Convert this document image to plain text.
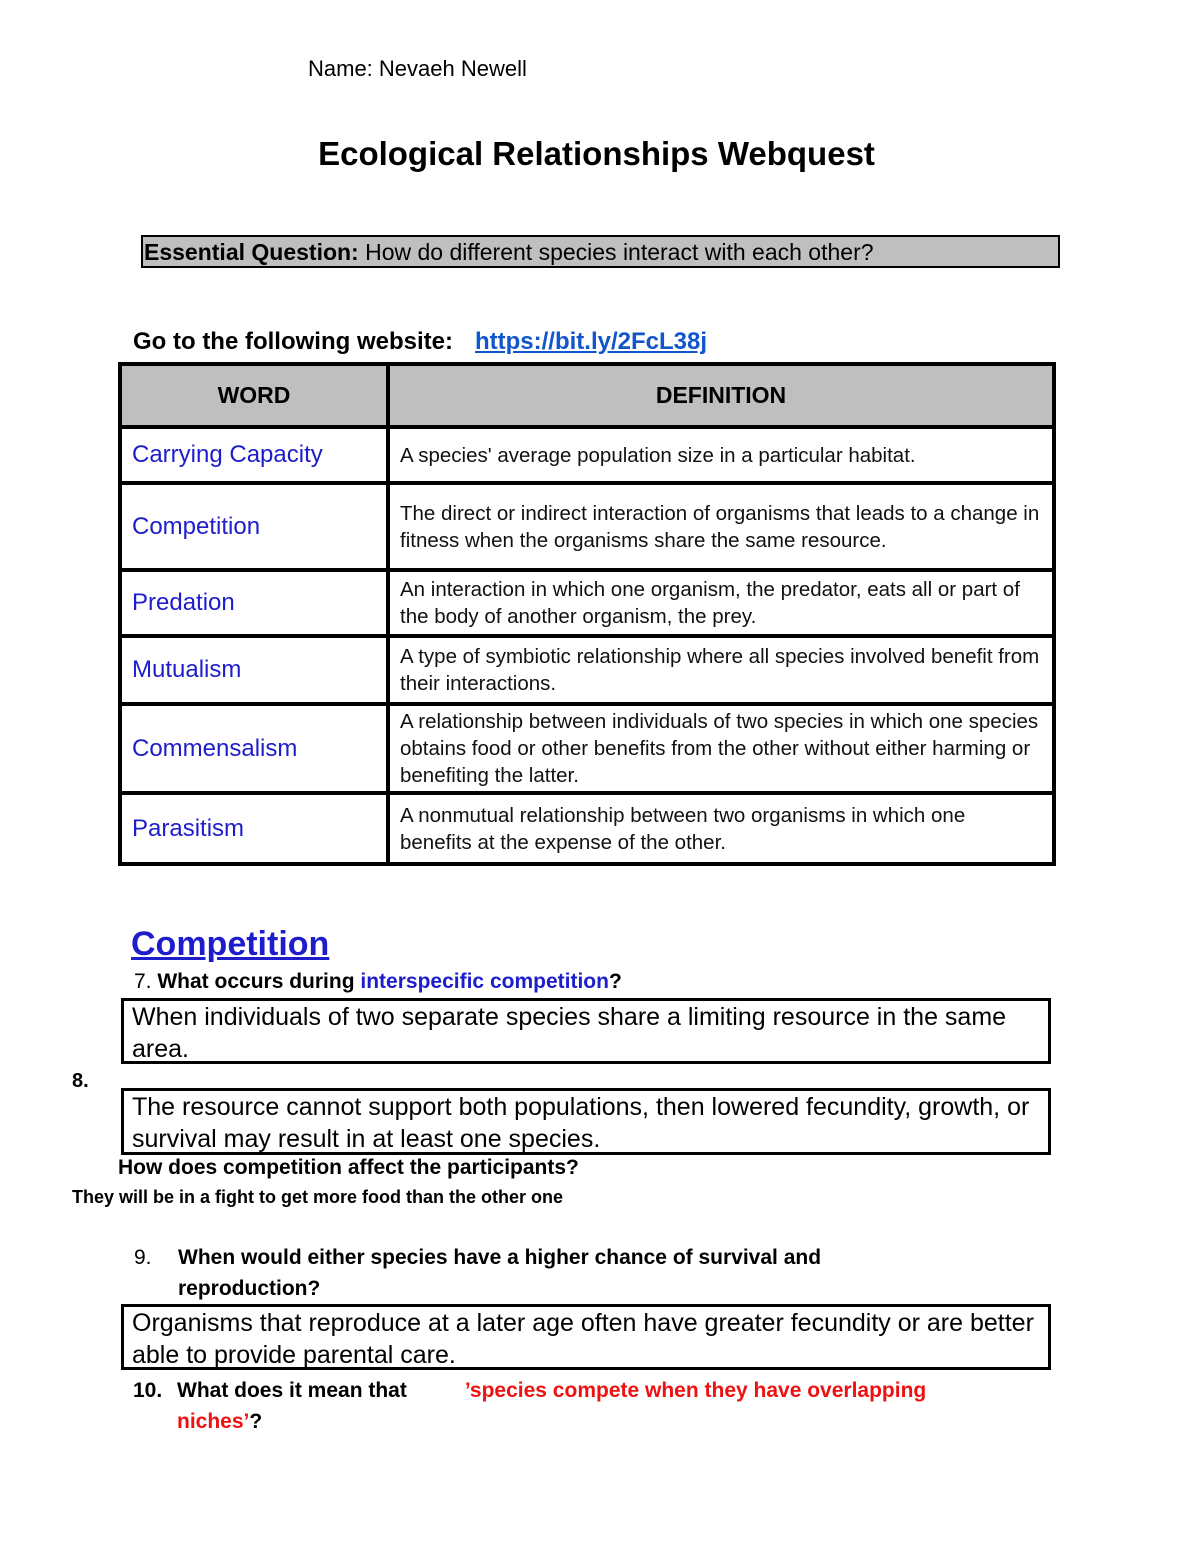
Name: Nevaeh Newell
Ecological Relationships Webquest
Essential Question: How do different species interact with each other?
Go to the following website: https://bit.ly/2FcL38j
WORD	DEFINITION
Carrying Capacity	A species' average population size in a particular habitat.
Competition	The direct or indirect interaction of organisms that leads to a change in fitness when the organisms share the same resource.
Predation	An interaction in which one organism, the predator, eats all or part of the body of another organism, the prey.
Mutualism	A type of symbiotic relationship where all species involved benefit from their interactions.
Commensalism	A relationship between individuals of two species in which one species obtains food or other benefits from the other without either harming or benefiting the latter.
Parasitism	A nonmutual relationship between two organisms in which one benefits at the expense of the other.
Competition
7. What occurs during interspecific competition?
When individuals of two separate species share a limiting resource in the same area.
8.
The resource cannot support both populations, then lowered fecundity, growth, or survival may result in at least one species.
How does competition affect the participants?
They will be in a fight to get more food than the other one
9. When would either species have a higher chance of survival and
reproduction?
Organisms that reproduce at a later age often have greater fecundity or are better able to provide parental care.
10. What does it mean that	’species compete when they have overlapping
niches’?
